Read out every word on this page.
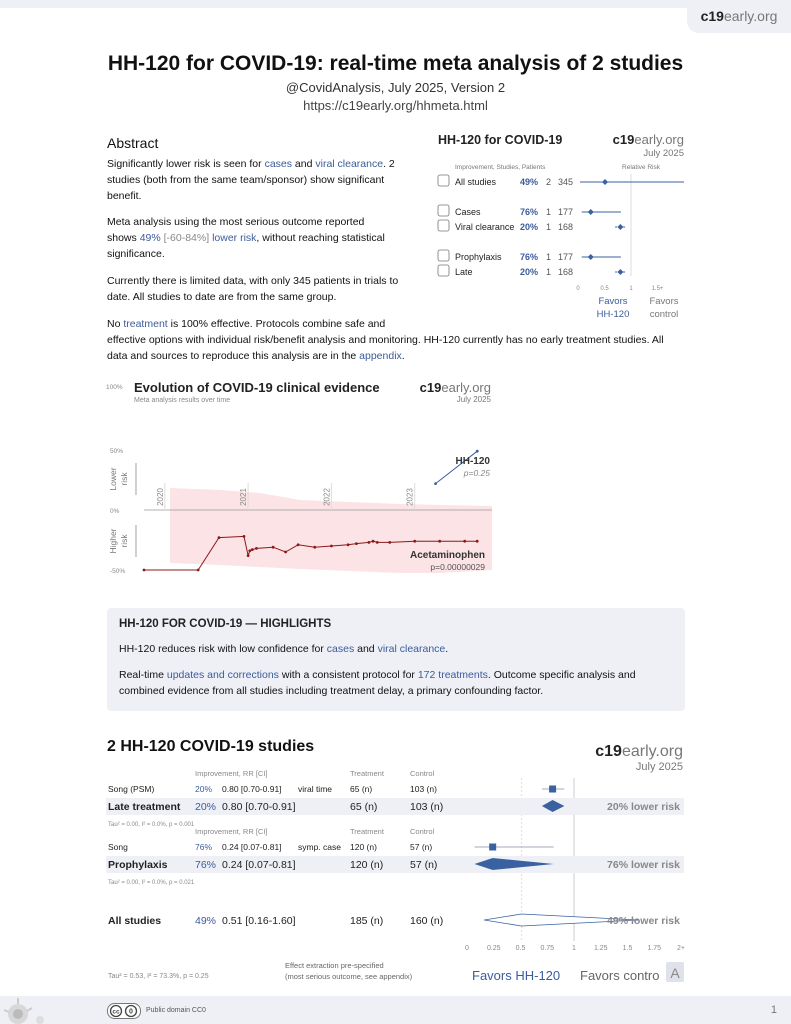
c19early.org
HH-120 for COVID-19: real-time meta analysis of 2 studies
@CovidAnalysis, July 2025, Version 2
https://c19early.org/hhmeta.html
Abstract
Significantly lower risk is seen for cases and viral clearance. 2 studies (both from the same team/sponsor) show significant benefit.
Meta analysis using the most serious outcome reported shows 49% [-60-84%] lower risk, without reaching statistical significance.
Currently there is limited data, with only 345 patients in trials to date. All studies to date are from the same group.
No treatment is 100% effective. Protocols combine safe and
effective options with individual risk/benefit analysis and monitoring. HH-120 currently has no early treatment studies. All
data and sources to reproduce this analysis are in the appendix.
HH-120 for COVID-19	c19early.org
July 2025
Improvement, Studies, Patients	Relative Risk
All studies	49% 2 345
Cases	76% 1 177
Viral clearance 20% 1 168
Prophylaxis 76% 1 177
Late	20% 1 168
0	0.5	1	1.5+
Favors
HH-120
Favors
control
100% Evolution of COVID-19 clinical evidence
Meta analysis results over time
c19early.org
July 2025
50%
0%
-50%
Lower risk
Higher risk
2020	2021	2022	2023
HH-120
p=0.25
Acetaminophen
p=0.00000029
HH-120 FOR COVID-19 — HIGHLIGHTS
HH-120 reduces risk with low confidence for cases and viral clearance.
Real-time updates and corrections with a consistent protocol for 172 treatments. Outcome specific analysis and
combined evidence from all studies including treatment delay, a primary confounding factor.
2 HH-120 COVID-19 studies	c19early.org
July 2025
Improvement, RR [CI]	Treatment	Control
Song (PSM)	20% 0.80 [0.70-0.91] viral time 65 (n)	103 (n)
Late treatment 20% 0.80 [0.70-0.91]	65 (n)	103 (n)	20% lower risk
Tau² = 0.00, I² = 0.0%, p = 0.001
Improvement, RR [CI]	Treatment	Control
Song	76% 0.24 [0.07-0.81] symp. case 120 (n)	57 (n)
Prophylaxis	76% 0.24 [0.07-0.81]	120 (n)	57 (n)	76% lower risk
Tau² = 0.00, I² = 0.0%, p = 0.021
All studies	49% 0.51 [0.16-1.60]	185 (n)	160 (n)	49% lower risk
0	0.25 0.5 0.75	1	1.25 1.5 1.75 2+
Tau² = 0.53, I² = 73.3%, p = 0.25
Effect extraction pre-specified
(most serious outcome, see appendix)	Favors HH-120 Favors contro A
cc 0 Public domain CC0	1
